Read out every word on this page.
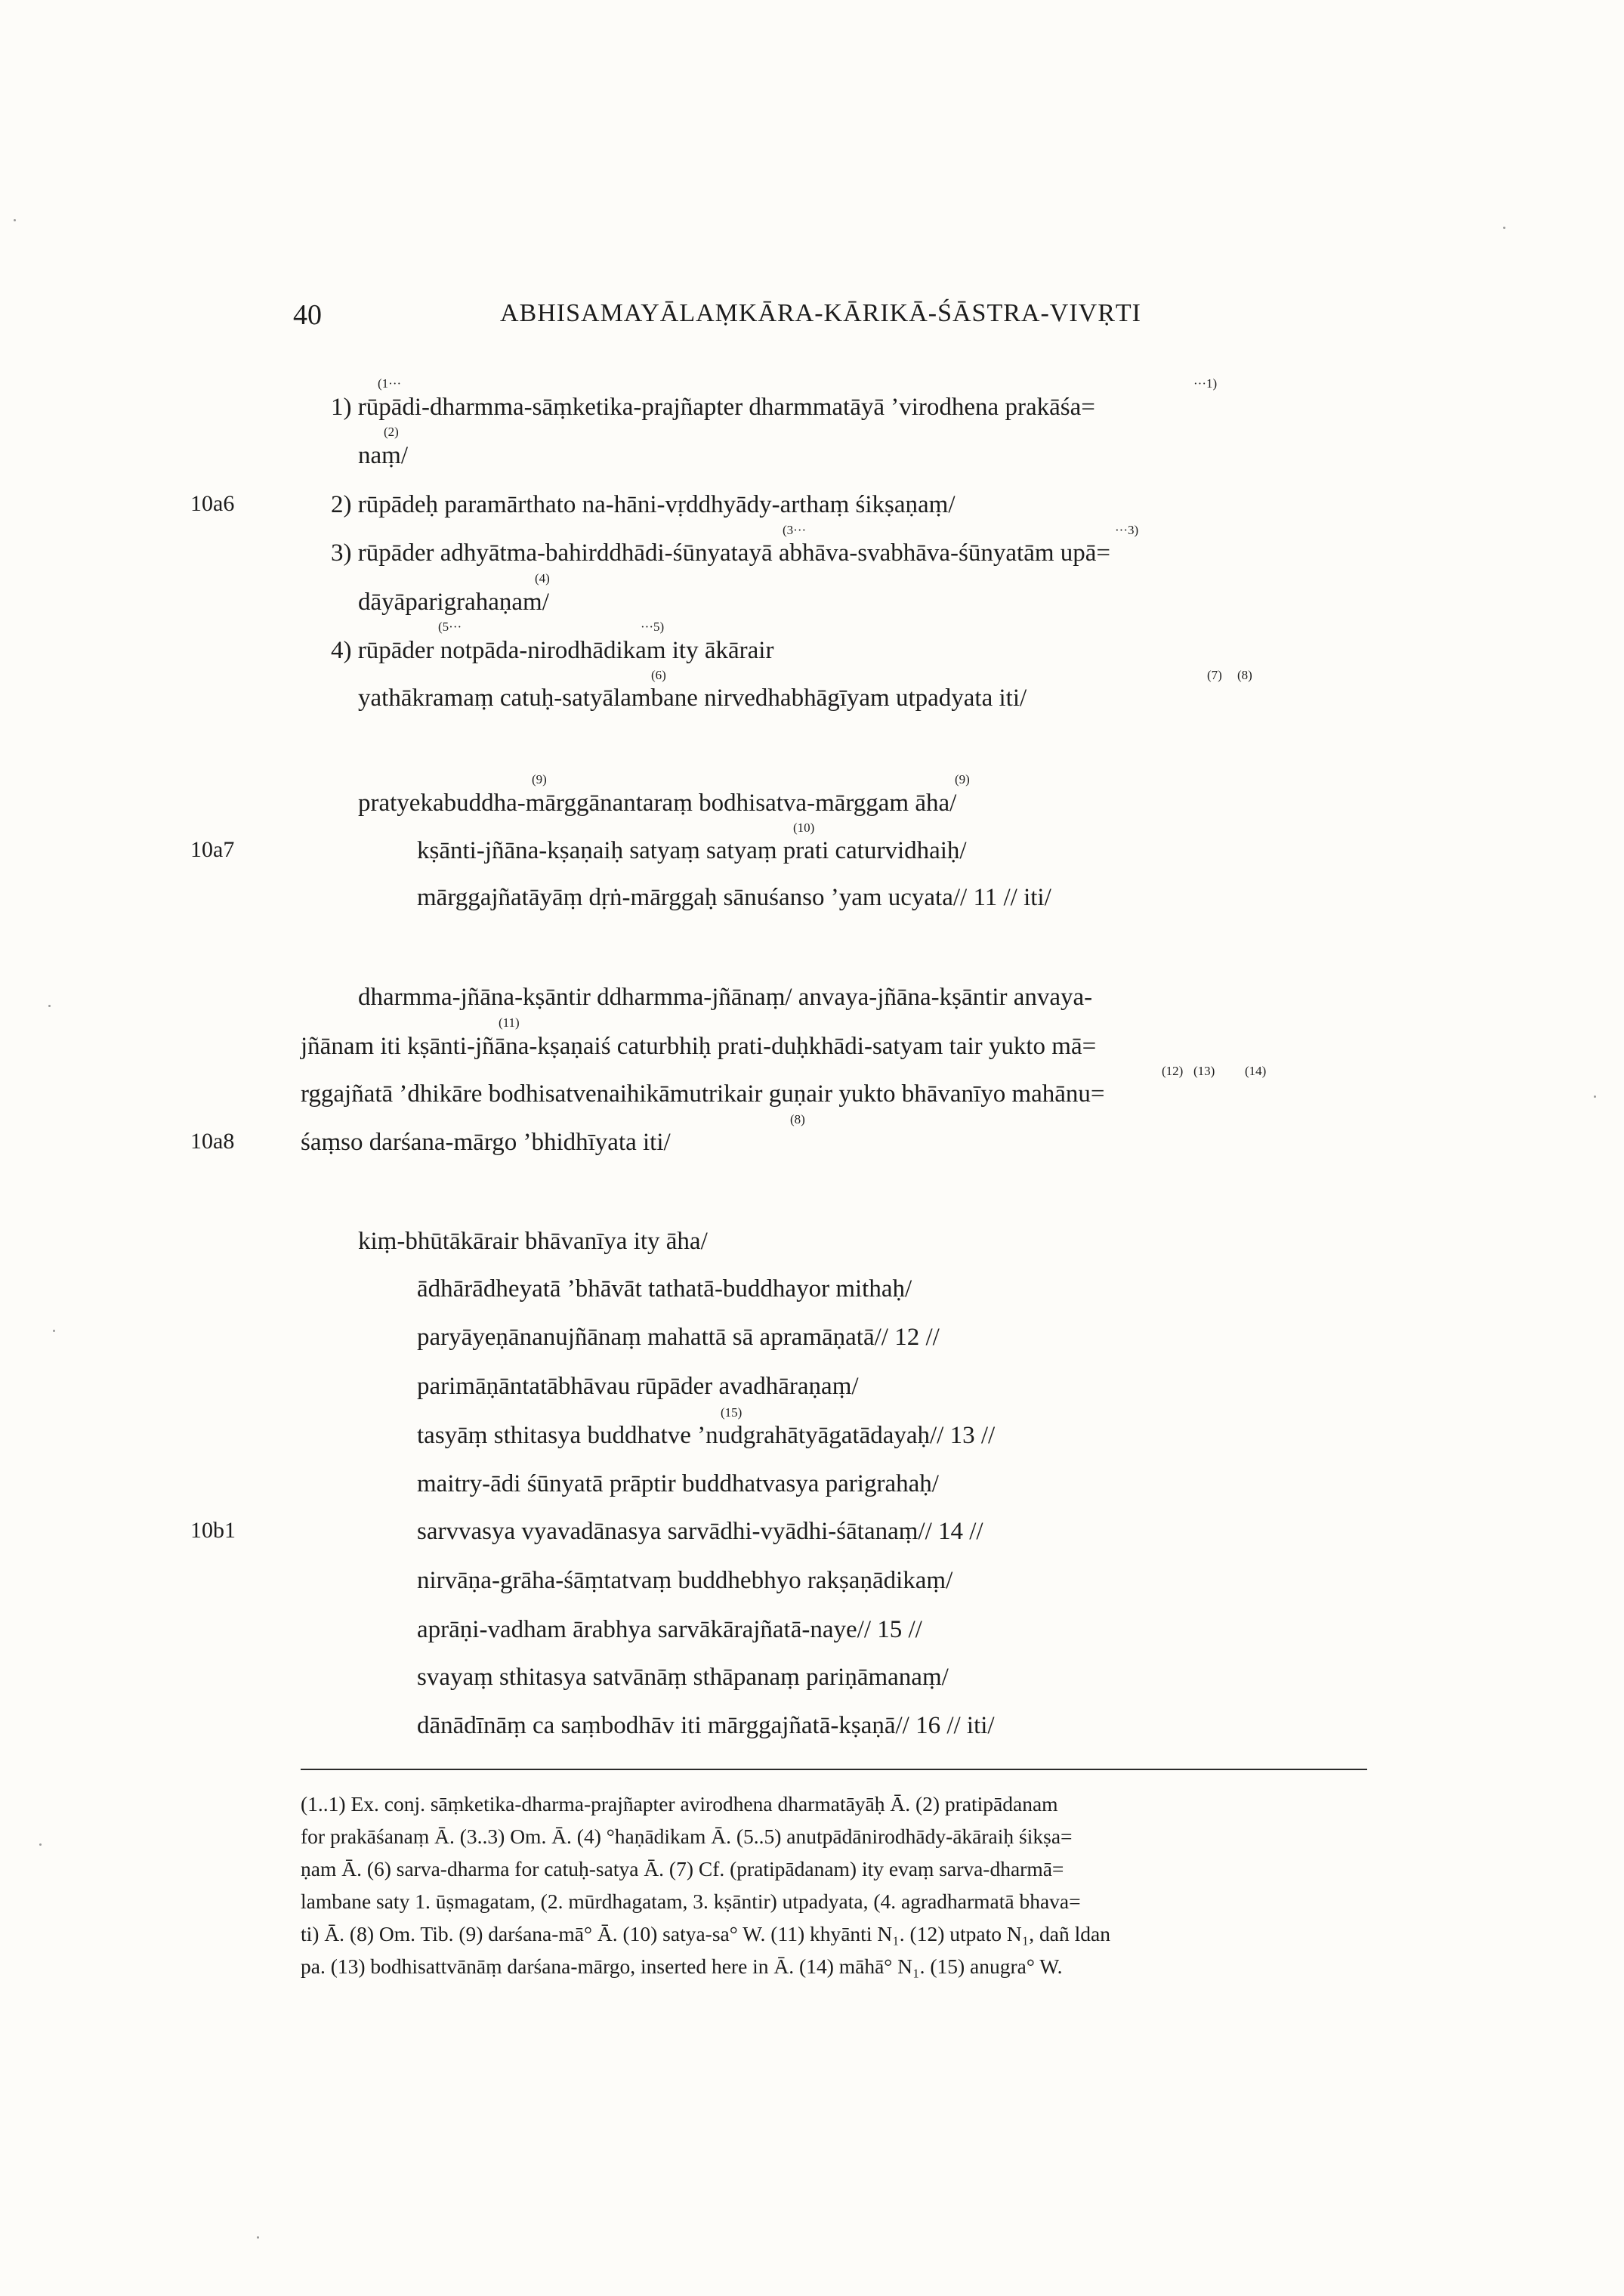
40	ABHISAMAYĀLAṂKĀRA-KĀRIKĀ-ŚĀSTRA-VIVṚTI
10a6
10a7
10a8
10b1
1) rūpādi-dharmma-sāṃketika-prajñapter dharmmatāyā ’virodhena prakāśa=
naṃ/
2) rūpādeḥ paramārthato na-hāni-vṛddhyādy-arthaṃ śikṣaṇaṃ/
3) rūpāder adhyātma-bahirddhādi-śūnyatayā abhāva-svabhāva-śūnyatām upā=
dāyāparigrahaṇam/
4) rūpāder notpāda-nirodhādikam ity ākārair
yathākramaṃ catuḥ-satyālambane nirvedhabhāgīyam utpadyata iti/
pratyekabuddha-mārggānantaraṃ bodhisatva-mārggam āha/
kṣānti-jñāna-kṣaṇaiḥ satyaṃ satyaṃ prati caturvidhaiḥ/
mārggajñatāyāṃ dṛṅ-mārggaḥ sānuśanso ’yam ucyata// 11 // iti/
dharmma-jñāna-kṣāntir ddharmma-jñānaṃ/ anvaya-jñāna-kṣāntir anvaya-
jñānam iti kṣānti-jñāna-kṣaṇaiś caturbhiḥ prati-duḥkhādi-satyam tair yukto mā=
rggajñatā ’dhikāre bodhisatvenaihikāmutrikair guṇair yukto bhāvanīyo mahānu=
śaṃso darśana-mārgo ’bhidhīyata iti/
kiṃ-bhūtākārair bhāvanīya ity āha/
ādhārādheyatā ’bhāvāt tathatā-buddhayor mithaḥ/
paryāyeṇānanujñānaṃ mahattā sā apramāṇatā// 12 //
parimāṇāntatābhāvau rūpāder avadhāraṇaṃ/
tasyāṃ sthitasya buddhatve ’nudgrahātyāgatādayaḥ// 13 //
maitry-ādi śūnyatā prāptir buddhatvasya parigrahaḥ/
sarvvasya vyavadānasya sarvādhi-vyādhi-śātanaṃ// 14 //
nirvāṇa-grāha-śāṃtatvaṃ buddhebhyo rakṣaṇādikaṃ/
aprāṇi-vadham ārabhya sarvākārajñatā-naye// 15 //
svayaṃ sthitasya satvānāṃ sthāpanaṃ pariṇāmanaṃ/
dānādīnāṃ ca saṃbodhāv iti mārggajñatā-kṣaṇā// 16 // iti/
(1···	···1)
(2)
(3···	···3)
(4)
(5···	···5)
(6)	(7) (8)
(9)	(9)
(10)
(11)
(12) (13) (14)
(8)
(15)
(1..1) Ex. conj. sāṃketika-dharma-prajñapter avirodhena dharmatāyāḥ Ā. (2) pratipādanam
for prakāśanaṃ Ā. (3..3) Om. Ā. (4) °haṇādikam Ā. (5..5) anutpādānirodhādy-ākāraiḥ śikṣa=
ṇam Ā. (6) sarva-dharma for catuḥ-satya Ā. (7) Cf. (pratipādanam) ity evaṃ sarva-dharmā=
lambane saty 1. ūṣmagatam, (2. mūrdhagatam, 3. kṣāntir) utpadyata, (4. agradharmatā bhava=
ti) Ā. (8) Om. Tib. (9) darśana-mā° Ā. (10) satya-sa° W. (11) khyānti N₁. (12) utpato N₁, dañ ldan
pa. (13) bodhisattvānāṃ darśana-mārgo, inserted here in Ā. (14) māhā° N₁. (15) anugra° W.
